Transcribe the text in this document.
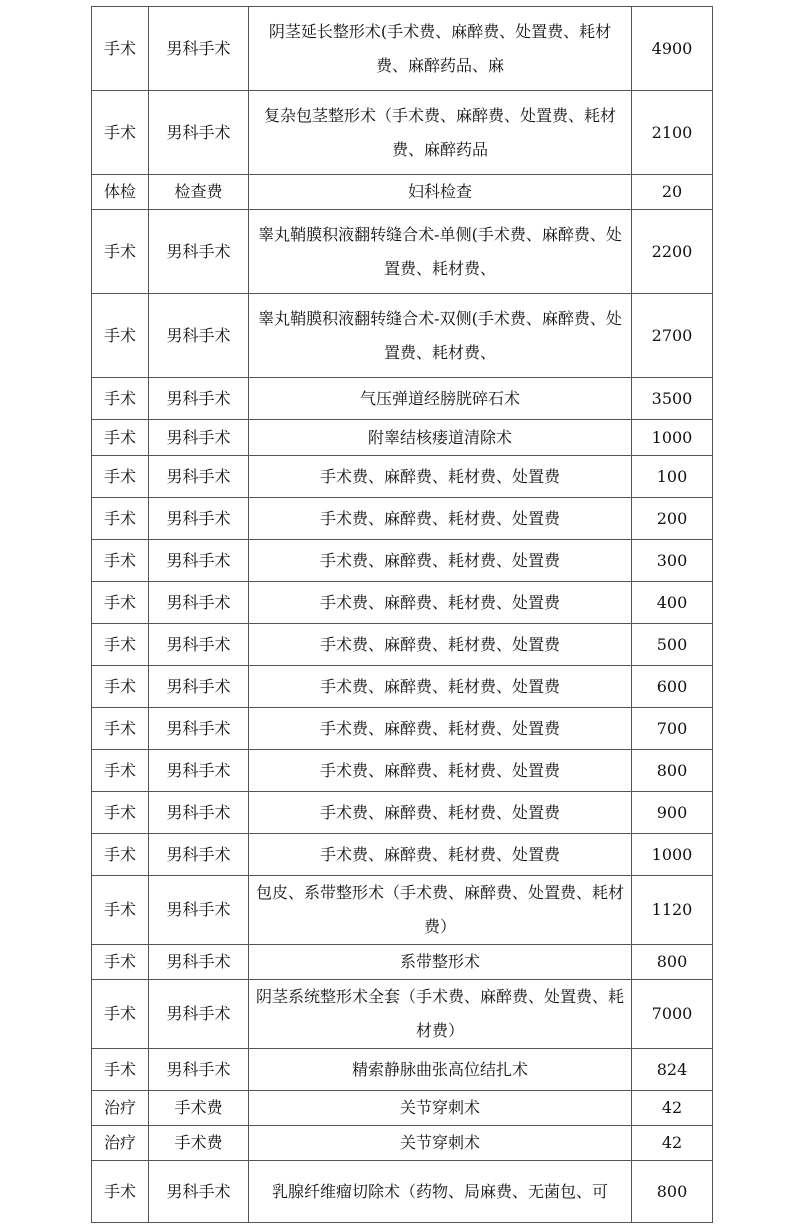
手术	男科手术	阴茎延长整形术(手术费、麻醉费、处置费、耗材费、麻醉药品、麻	4900
手术	男科手术	复杂包茎整形术（手术费、麻醉费、处置费、耗材费、麻醉药品	2100
体检	检查费	妇科检查	20
手术	男科手术	睾丸鞘膜积液翻转缝合术-单侧(手术费、麻醉费、处置费、耗材费、	2200
手术	男科手术	睾丸鞘膜积液翻转缝合术-双侧(手术费、麻醉费、处置费、耗材费、	2700
手术	男科手术	气压弹道经膀胱碎石术	3500
手术	男科手术	附睾结核瘘道清除术	1000
手术	男科手术	手术费、麻醉费、耗材费、处置费	100
手术	男科手术	手术费、麻醉费、耗材费、处置费	200
手术	男科手术	手术费、麻醉费、耗材费、处置费	300
手术	男科手术	手术费、麻醉费、耗材费、处置费	400
手术	男科手术	手术费、麻醉费、耗材费、处置费	500
手术	男科手术	手术费、麻醉费、耗材费、处置费	600
手术	男科手术	手术费、麻醉费、耗材费、处置费	700
手术	男科手术	手术费、麻醉费、耗材费、处置费	800
手术	男科手术	手术费、麻醉费、耗材费、处置费	900
手术	男科手术	手术费、麻醉费、耗材费、处置费	1000
手术	男科手术	包皮、系带整形术（手术费、麻醉费、处置费、耗材费）	1120
手术	男科手术	系带整形术	800
手术	男科手术	阴茎系统整形术全套（手术费、麻醉费、处置费、耗材费）	7000
手术	男科手术	精索静脉曲张高位结扎术	824
治疗	手术费	关节穿刺术	42
治疗	手术费	关节穿刺术	42
手术	男科手术	乳腺纤维瘤切除术（药物、局麻费、无菌包、可	800
